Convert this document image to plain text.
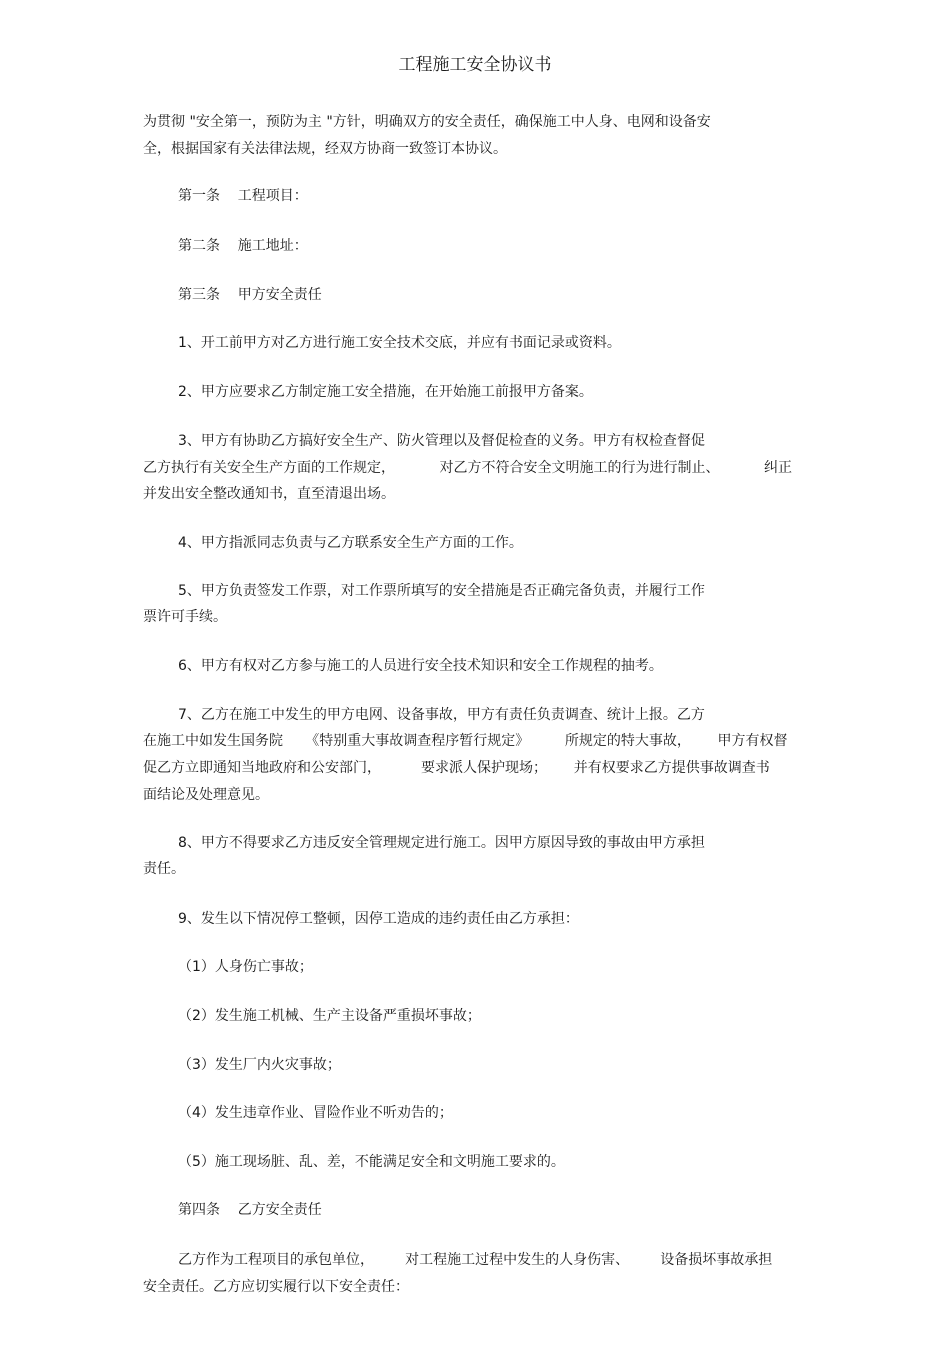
工程施工安全协议书
为贯彻 "安全第一，预防为主 "方针，明确双方的安全责任，确保施工中人身、电网和设备安
全，根据国家有关法律法规，经双方协商一致签订本协议。
第一条    工程项目：
第二条    施工地址：
第三条    甲方安全责任
1、开工前甲方对乙方进行施工安全技术交底，并应有书面记录或资料。
2、甲方应要求乙方制定施工安全措施，在开始施工前报甲方备案。
3、甲方有协助乙方搞好安全生产、防火管理以及督促检查的义务。甲方有权检查督促
乙方执行有关安全生产方面的工作规定，          对乙方不符合安全文明施工的行为进行制止、          纠正
并发出安全整改通知书，直至清退出场。
4、甲方指派同志负责与乙方联系安全生产方面的工作。
5、甲方负责签发工作票，对工作票所填写的安全措施是否正确完备负责，并履行工作
票许可手续。
6、甲方有权对乙方参与施工的人员进行安全技术知识和安全工作规程的抽考。
7、乙方在施工中发生的甲方电网、设备事故，甲方有责任负责调查、统计上报。乙方
在施工中如发生国务院     《特别重大事故调查程序暂行规定》        所规定的特大事故，      甲方有权督
促乙方立即通知当地政府和公安部门，         要求派人保护现场；      并有权要求乙方提供事故调查书
面结论及处理意见。
8、甲方不得要求乙方违反安全管理规定进行施工。因甲方原因导致的事故由甲方承担
责任。
9、发生以下情况停工整顿，因停工造成的违约责任由乙方承担：
（1）人身伤亡事故；
（2）发生施工机械、生产主设备严重损坏事故；
（3）发生厂内火灾事故；
（4）发生违章作业、冒险作业不听劝告的；
（5）施工现场脏、乱、差，不能满足安全和文明施工要求的。
第四条    乙方安全责任
乙方作为工程项目的承包单位，       对工程施工过程中发生的人身伤害、       设备损坏事故承担
安全责任。乙方应切实履行以下安全责任：
